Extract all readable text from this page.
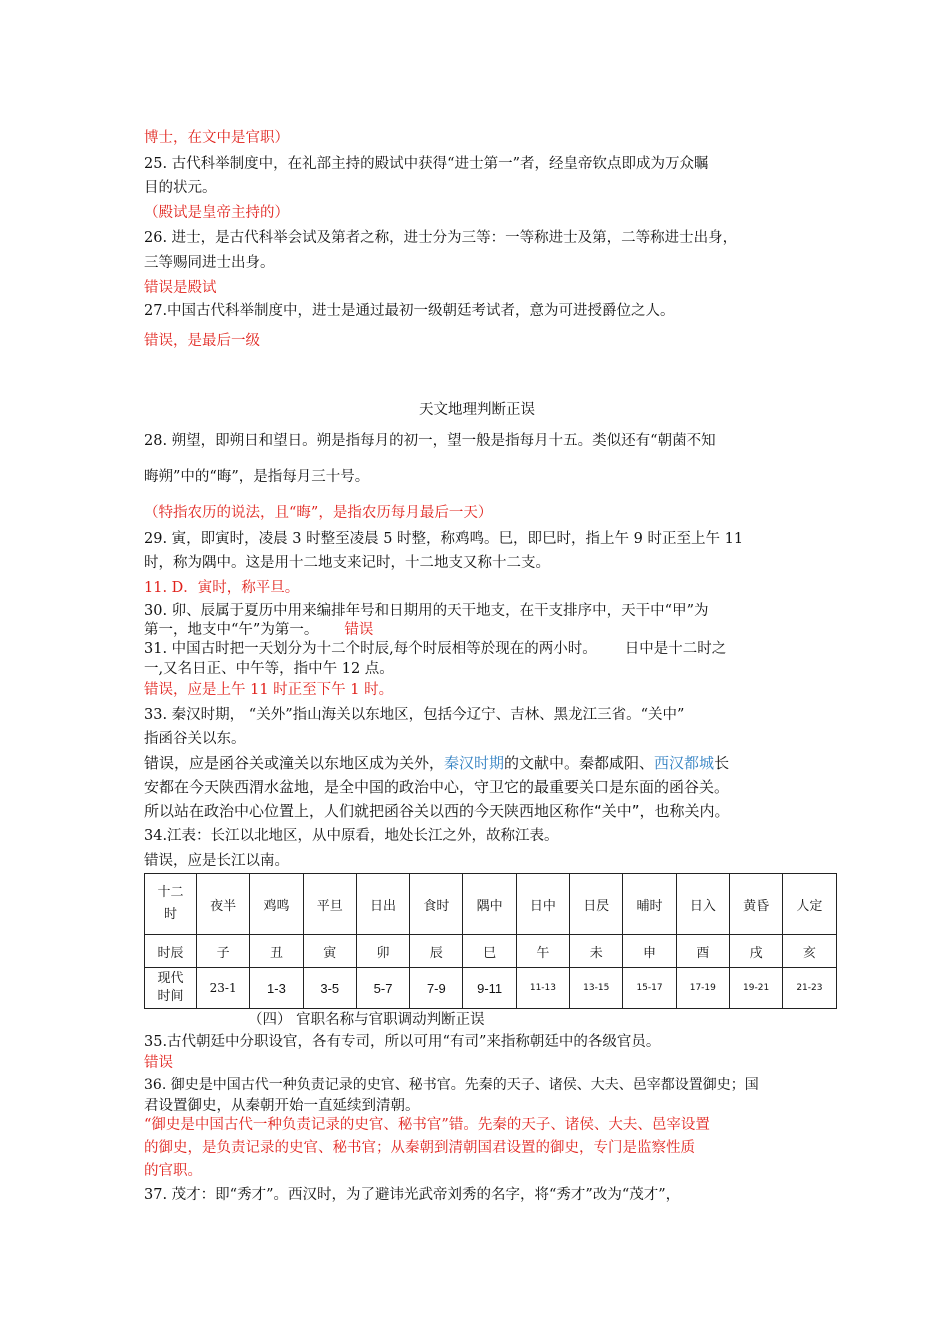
博士，在文中是官职）
25. 古代科举制度中，在礼部主持的殿试中获得“进士第一”者，经皇帝钦点即成为万众瞩
目的状元。
（殿试是皇帝主持的）
26. 进士，是古代科举会试及第者之称，进士分为三等：一等称进士及第，二等称进士出身，
三等赐同进士出身。
错误是殿试
27.中国古代科举制度中，进士是通过最初一级朝廷考试者，意为可进授爵位之人。
错误，是最后一级
天文地理判断正误
28. 朔望，即朔日和望日。朔是指每月的初一，望一般是指每月十五。类似还有“朝菌不知
晦朔”中的“晦”，是指每月三十号。
（特指农历的说法，且“晦”，是指农历每月最后一天）
29. 寅，即寅时，凌晨 3 时整至凌晨 5 时整，称鸡鸣。巳，即巳时，指上午 9 时正至上午 11
时，称为隅中。这是用十二地支来记时，十二地支又称十二支。
11. D．寅时，称平旦。
30. 卯、辰属于夏历中用来编排年号和日期用的天干地支，在干支排序中，天干中“甲”为
第一，地支中“午”为第一。 错误
31. 中国古时把一天划分为十二个时辰,每个时辰相等於现在的两小时。 日中是十二时之
一,又名日正、中午等，指中午 12 点。
错误，应是上午 11 时正至下午 1 时。
33. 秦汉时期， “关外”指山海关以东地区，包括今辽宁、吉林、黑龙江三省。“关中”
指函谷关以东。
错误，应是函谷关或潼关以东地区成为关外，秦汉时期的文献中。秦都咸阳、西汉都城长
安都在今天陕西渭水盆地，是全中国的政治中心，守卫它的最重要关口是东面的函谷关。
所以站在政治中心位置上，人们就把函谷关以西的今天陕西地区称作“关中”，也称关内。
34.江表：长江以北地区，从中原看，地处长江之外，故称江表。
错误，应是长江以南。
十二
时	夜半	鸡鸣	平旦	日出	食时	隅中	日中	日昃	晡时	日入	黄昏	人定
时辰	子	丑	寅	卯	辰	巳	午	未	申	酉	戌	亥

现代
时间	23-1	1-3	3-5	5-7	7-9	9-11	11-13	13-15	15-17	17-19	19-21	21-23
（四） 官职名称与官职调动判断正误
35.古代朝廷中分职设官，各有专司，所以可用“有司”来指称朝廷中的各级官员。
错误
36. 御史是中国古代一种负责记录的史官、秘书官。先秦的天子、诸侯、大夫、邑宰都设置御史；国
君设置御史，从秦朝开始一直延续到清朝。
“御史是中国古代一种负责记录的史官、秘书官”错。先秦的天子、诸侯、大夫、邑宰设置
的御史，是负责记录的史官、秘书官；从秦朝到清朝国君设置的御史，专门是监察性质
的官职。
37. 茂才：即“秀才”。西汉时，为了避讳光武帝刘秀的名字，将“秀才”改为“茂才”，
